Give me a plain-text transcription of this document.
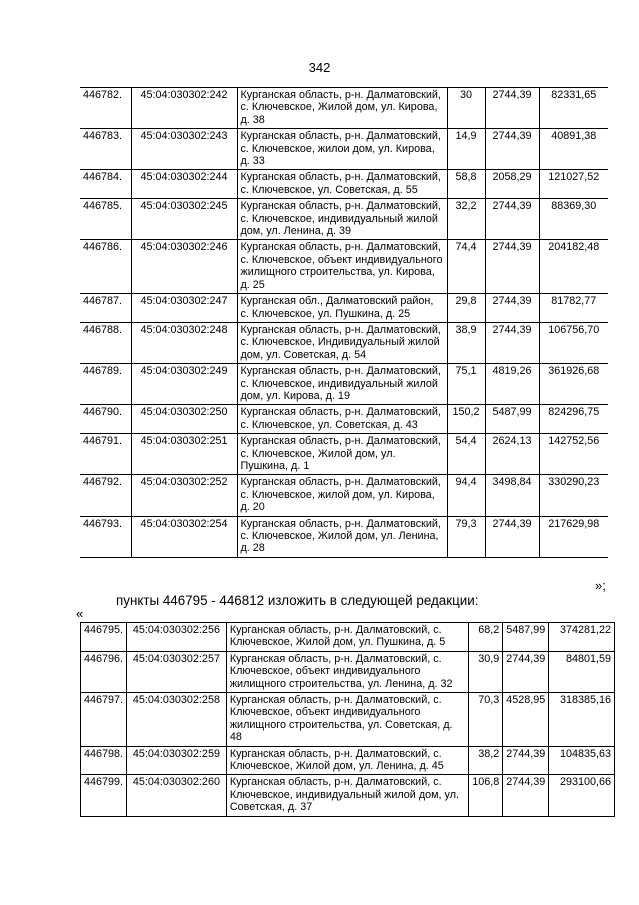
342
446782.	45:04:030302:242	Курганская область, р-н. Далматовский, с. Ключевское, Жилой дом, ул. Кирова, д. 38	30	2744,39	82331,65
446783.	45:04:030302:243	Курганская область, р-н. Далматовский, с. Ключевское, жилои дом, ул. Кирова, д. 33	14,9	2744,39	40891,38
446784.	45:04:030302:244	Курганская область, р-н. Далматовский, с. Ключевское, ул. Советская, д. 55	58,8	2058,29	121027,52
446785.	45:04:030302:245	Курганская область, р-н. Далматовский, с. Ключевское, индивидуальный жилой дом, ул. Ленина, д. 39	32,2	2744,39	88369,30
446786.	45:04:030302:246	Курганская область, р-н. Далматовский, с. Ключевское, объект индивидуального жилищного строительства, ул. Кирова, д. 25	74,4	2744,39	204182,48
446787.	45:04:030302:247	Курганская обл., Далматовский район, с. Ключевское, ул. Пушкина, д. 25	29,8	2744,39	81782,77
446788.	45:04:030302:248	Курганская область, р-н. Далматовский, с. Ключевское, Индивидуальный жилой дом, ул. Советская, д. 54	38,9	2744,39	106756,70
446789.	45:04:030302:249	Курганская область, р-н. Далматовский, с. Ключевское, индивидуальный жилой дом, ул. Кирова, д. 19	75,1	4819,26	361926,68
446790.	45:04:030302:250	Курганская область, р-н. Далматовский, с. Ключевское, ул. Советская, д. 43	150,2	5487,99	824296,75
446791.	45:04:030302:251	Курганская область, р-н. Далматовский, с. Ключевское, Жилой дом, ул. Пушкина, д. 1	54,4	2624,13	142752,56
446792.	45:04:030302:252	Курганская область, р-н. Далматовский, с. Ключевское, жилой дом, ул. Кирова, д. 20	94,4	3498,84	330290,23
446793.	45:04:030302:254	Курганская область, р-н. Далматовский, с. Ключевское, Жилой дом, ул. Ленина, д. 28	79,3	2744,39	217629,98
»;
пункты 446795 - 446812 изложить в следующей редакции:
«
446795.	45:04:030302:256	Курганская область, р-н. Далматовский, с. Ключевское, Жилой дом, ул. Пушкина, д. 5	68,2	5487,99	374281,22
446796.	45:04:030302:257	Курганская область, р-н. Далматовский, с. Ключевское, объект индивидуального жилищного строительства, ул. Ленина, д. 32	30,9	2744,39	84801,59
446797.	45:04:030302:258	Курганская область, р-н. Далматовский, с. Ключевское, объект индивидуального жилищного строительства, ул. Советская, д. 48	70,3	4528,95	318385,16
446798.	45:04:030302:259	Курганская область, р-н. Далматовский, с. Ключевское, Жилой дом, ул. Ленина, д. 45	38,2	2744,39	104835,63
446799.	45:04:030302:260	Курганская область, р-н. Далматовский, с. Ключевское, индивидуальный жилой дом, ул. Советская, д. 37	106,8	2744,39	293100,66
